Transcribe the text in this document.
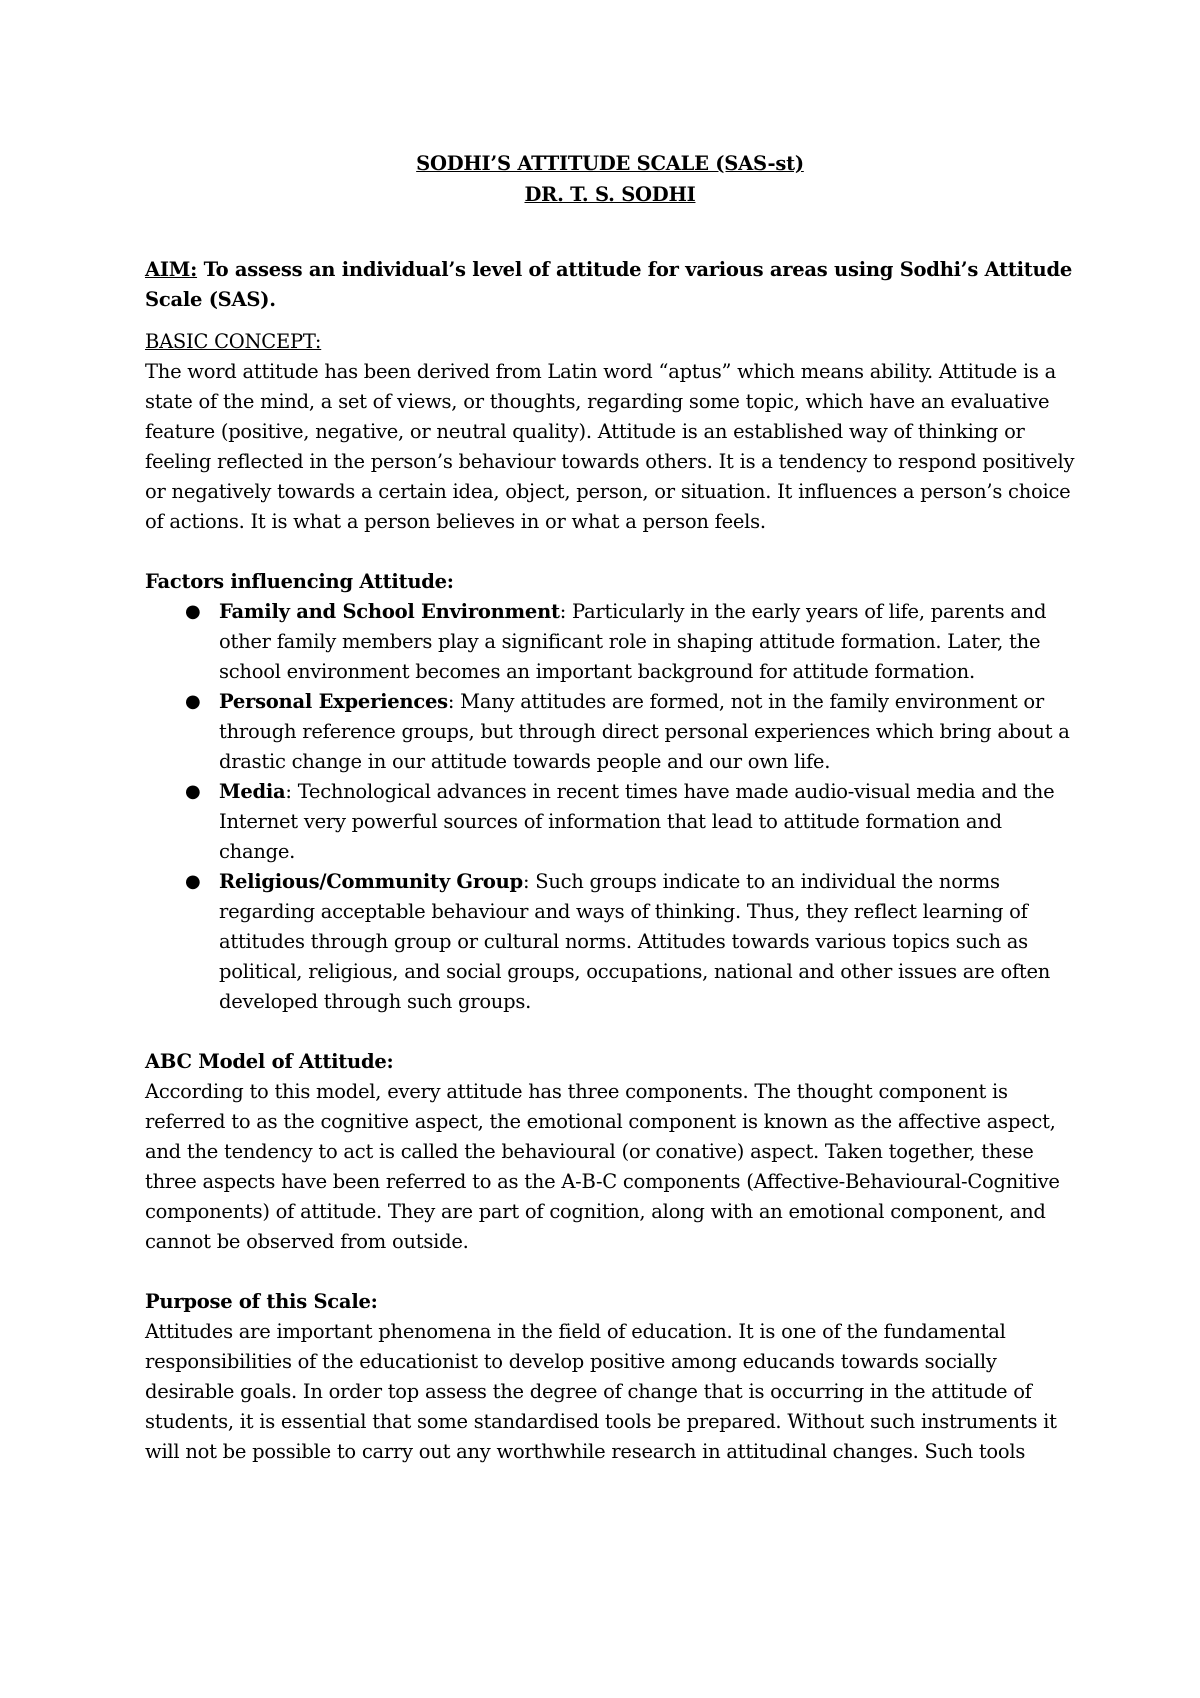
SODHI’S ATTITUDE SCALE (SAS-st)
DR. T. S. SODHI

AIM: To assess an individual’s level of attitude for various areas using Sodhi’s Attitude Scale (SAS).

BASIC CONCEPT:
The word attitude has been derived from Latin word “aptus” which means ability. Attitude is a state of the mind, a set of views, or thoughts, regarding some topic, which have an evaluative feature (positive, negative, or neutral quality). Attitude is an established way of thinking or feeling reflected in the person’s behaviour towards others. It is a tendency to respond positively or negatively towards a certain idea, object, person, or situation. It influences a person’s choice of actions. It is what a person believes in or what a person feels.
Factors influencing Attitude:
● Family and School Environment: Particularly in the early years of life, parents and other family members play a significant role in shaping attitude formation. Later, the school environment becomes an important background for attitude formation.
● Personal Experiences: Many attitudes are formed, not in the family environment or through reference groups, but through direct personal experiences which bring about a drastic change in our attitude towards people and our own life.
● Media: Technological advances in recent times have made audio-visual media and the Internet very powerful sources of information that lead to attitude formation and change.
● Religious/Community Group: Such groups indicate to an individual the norms regarding acceptable behaviour and ways of thinking. Thus, they reflect learning of attitudes through group or cultural norms. Attitudes towards various topics such as political, religious, and social groups, occupations, national and other issues are often developed through such groups.
ABC Model of Attitude:
According to this model, every attitude has three components. The thought component is referred to as the cognitive aspect, the emotional component is known as the affective aspect, and the tendency to act is called the behavioural (or conative) aspect. Taken together, these three aspects have been referred to as the A-B-C components (Affective-Behavioural-Cognitive components) of attitude. They are part of cognition, along with an emotional component, and cannot be observed from outside.
Purpose of this Scale:
Attitudes are important phenomena in the field of education. It is one of the fundamental responsibilities of the educationist to develop positive among educands towards socially desirable goals. In order top assess the degree of change that is occurring in the attitude of students, it is essential that some standardised tools be prepared. Without such instruments it will not be possible to carry out any worthwhile research in attitudinal changes. Such tools
